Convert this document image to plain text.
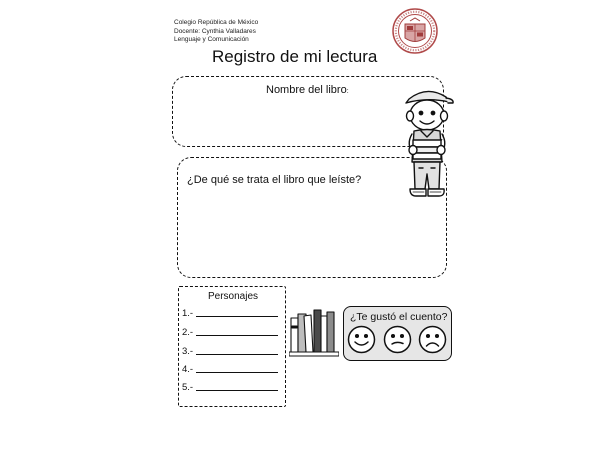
Colegio República de México
Docente: Cynthia Valladares
Lenguaje y Comunicación
Registro de mi lectura
Nombre del libro:
¿De qué se trata el libro que leíste?
Personajes
1.-
2.-
3.-
4.-
5.-
¿Te gustó el cuento?
